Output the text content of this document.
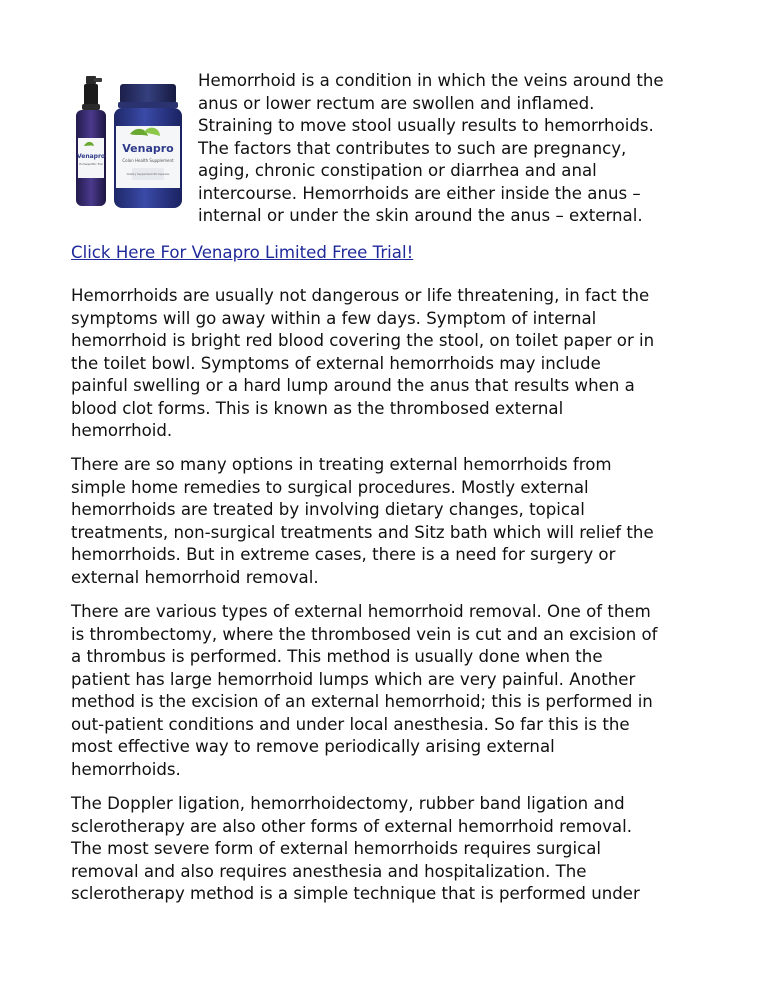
Venapro
Colon Health Supplement
Dietary Supplement 60 Capsules
Venapro
Homeopathic Trial

Hemorrhoid is a condition in which the veins around the
anus or lower rectum are swollen and inflamed.
Straining to move stool usually results to hemorrhoids.
The factors that contributes to such are pregnancy,
aging, chronic constipation or diarrhea and anal
intercourse. Hemorrhoids are either inside the anus –
internal or under the skin around the anus – external.

Click Here For Venapro Limited Free Trial!

Hemorrhoids are usually not dangerous or life threatening, in fact the
symptoms will go away within a few days. Symptom of internal
hemorrhoid is bright red blood covering the stool, on toilet paper or in
the toilet bowl. Symptoms of external hemorrhoids may include
painful swelling or a hard lump around the anus that results when a
blood clot forms. This is known as the thrombosed external
hemorrhoid.

There are so many options in treating external hemorrhoids from
simple home remedies to surgical procedures. Mostly external
hemorrhoids are treated by involving dietary changes, topical
treatments, non-surgical treatments and Sitz bath which will relief the
hemorrhoids. But in extreme cases, there is a need for surgery or
external hemorrhoid removal.

There are various types of external hemorrhoid removal. One of them
is thrombectomy, where the thrombosed vein is cut and an excision of
a thrombus is performed. This method is usually done when the
patient has large hemorrhoid lumps which are very painful. Another
method is the excision of an external hemorrhoid; this is performed in
out-patient conditions and under local anesthesia. So far this is the
most effective way to remove periodically arising external
hemorrhoids.

The Doppler ligation, hemorrhoidectomy, rubber band ligation and
sclerotherapy are also other forms of external hemorrhoid removal.
The most severe form of external hemorrhoids requires surgical
removal and also requires anesthesia and hospitalization. The
sclerotherapy method is a simple technique that is performed under
